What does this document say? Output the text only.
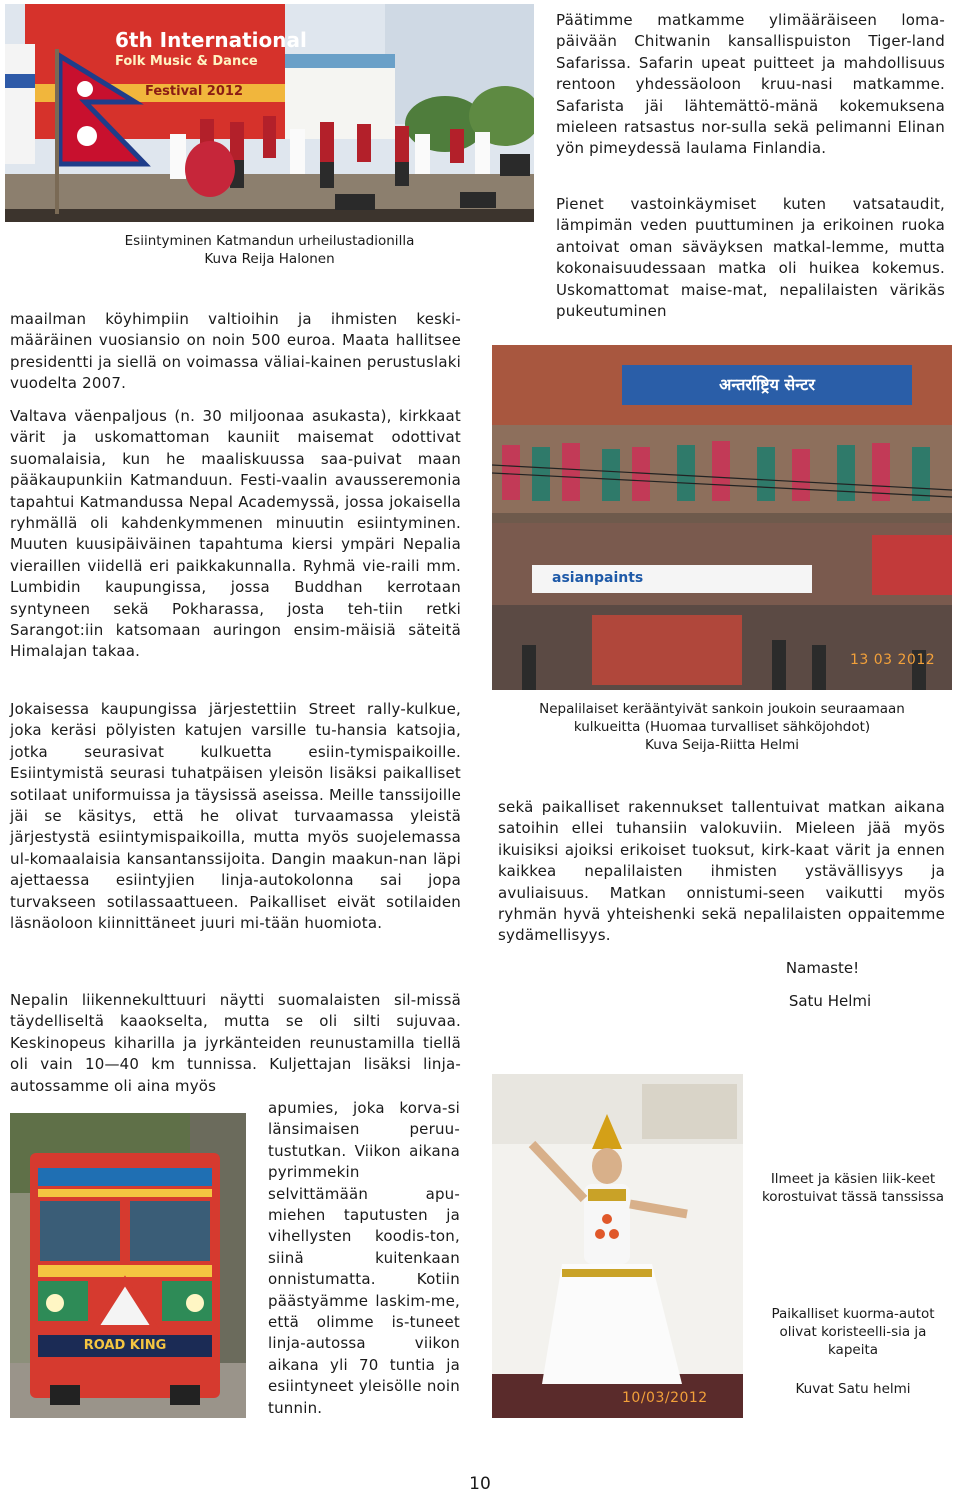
6th International
Folk Music & Dance
Festival 2012
Esiintyminen Katmandun urheilustadionilla
Kuva Reija Halonen

maailman köyhimpiin valtioihin ja ihmisten keski-määräinen vuosiansio on noin 500 euroa. Maata hallitsee presidentti ja siellä on voimassa väliai-kainen perustuslaki vuodelta 2007.

Valtava väenpaljous (n. 30 miljoonaa asukasta), kirkkaat värit ja uskomattoman kauniit maisemat odottivat suomalaisia, kun he maaliskuussa saa-puivat maan pääkaupunkiin Katmanduun. Festi-vaalin avausseremonia tapahtui Katmandussa Nepal Academyssä, jossa jokaisella ryhmällä oli kahdenkymmenen minuutin esiintyminen. Muuten kuusipäiväinen tapahtuma kiersi ympäri Nepalia vieraillen viidellä eri paikkakunnalla. Ryhmä vie-raili mm. Lumbidin kaupungissa, jossa Buddhan kerrotaan syntyneen sekä Pokharassa, josta teh-tiin retki Sarangot:iin katsomaan auringon ensim-mäisiä säteitä Himalajan takaa.

Jokaisessa kaupungissa järjestettiin Street rally-kulkue, joka keräsi pölyisten katujen varsille tu-hansia katsojia, jotka seurasivat kulkuetta esiin-tymispaikoille. Esiintymistä seurasi tuhatpäisen yleisön lisäksi paikalliset sotilaat uniformuissa ja täysissä aseissa. Meille tanssijoille jäi se käsitys, että he olivat turvaamassa yleistä järjestystä esiintymispaikoilla, mutta myös suojelemassa ul-komaalaisia kansantanssijoita. Dangin maakun-nan läpi ajettaessa esiintyjien linja-autokolonna sai jopa turvakseen sotilassaattueen. Paikalliset eivät sotilaiden läsnäoloon kiinnittäneet juuri mi-tään huomiota.

Nepalin liikennekulttuuri näytti suomalaisten sil-missä täydelliseltä kaaokselta, mutta se oli silti sujuvaa. Keskinopeus kiharilla ja jyrkänteiden reunustamilla tiellä oli vain 10—40 km tunnissa. Kuljettajan lisäksi linja-autossamme oli aina myös

apumies, joka korva-si länsimaisen peruu-tustutkan. Viikon aikana pyrimmekin selvittämään apu-miehen taputusten ja vihellysten koodis-ton, siinä kuitenkaan onnistumatta. Kotiin päästyämme laskim-me, että olimme is-tuneet linja-autossa viikon aikana yli 70 tuntia ja esiintyneet yleisölle noin tunnin.

ROAD KING

Päätimme matkamme ylimääräiseen loma-päivään Chitwanin kansallispuiston Tiger-land Safarissa. Safarin upeat puitteet ja mahdollisuus rentoon yhdessäoloon kruu-nasi matkamme. Safarista jäi lähtemättö-mänä kokemuksena mieleen ratsastus nor-sulla sekä pelimanni Elinan yön pimeydessä laulama Finlandia.

Pienet vastoinkäymiset kuten vatsataudit, lämpimän veden puuttuminen ja erikoinen ruoka antoivat oman säväyksen matkal-lemme, mutta kokonaisuudessaan matka oli huikea kokemus. Uskomattomat maise-mat, nepalilaisten värikäs pukeutuminen

अन्तर्राष्ट्रिय सेन्टर
asianpaints
13 03 2012
Nepalilaiset kerääntyivät sankoin joukoin seuraamaan
kulkueitta (Huomaa turvalliset sähköjohdot)
Kuva Seija-Riitta Helmi

sekä paikalliset rakennukset tallentuivat matkan aikana satoihin ellei tuhansiin valokuviin. Mieleen jää myös ikuisiksi ajoiksi erikoiset tuoksut, kirk-kaat värit ja ennen kaikkea nepalilaisten ihmisten ystävällisyys ja avuliaisuus. Matkan onnistumi-seen vaikutti myös ryhmän hyvä yhteishenki sekä nepalilaisten oppaitemme sydämellisyys.

Namaste!
Satu Helmi
10/03/2012
Ilmeet ja käsien liik-keet korostuivat tässä tanssissa
Paikalliset kuorma-autot olivat koristeelli-sia ja kapeita
Kuvat Satu helmi
10
